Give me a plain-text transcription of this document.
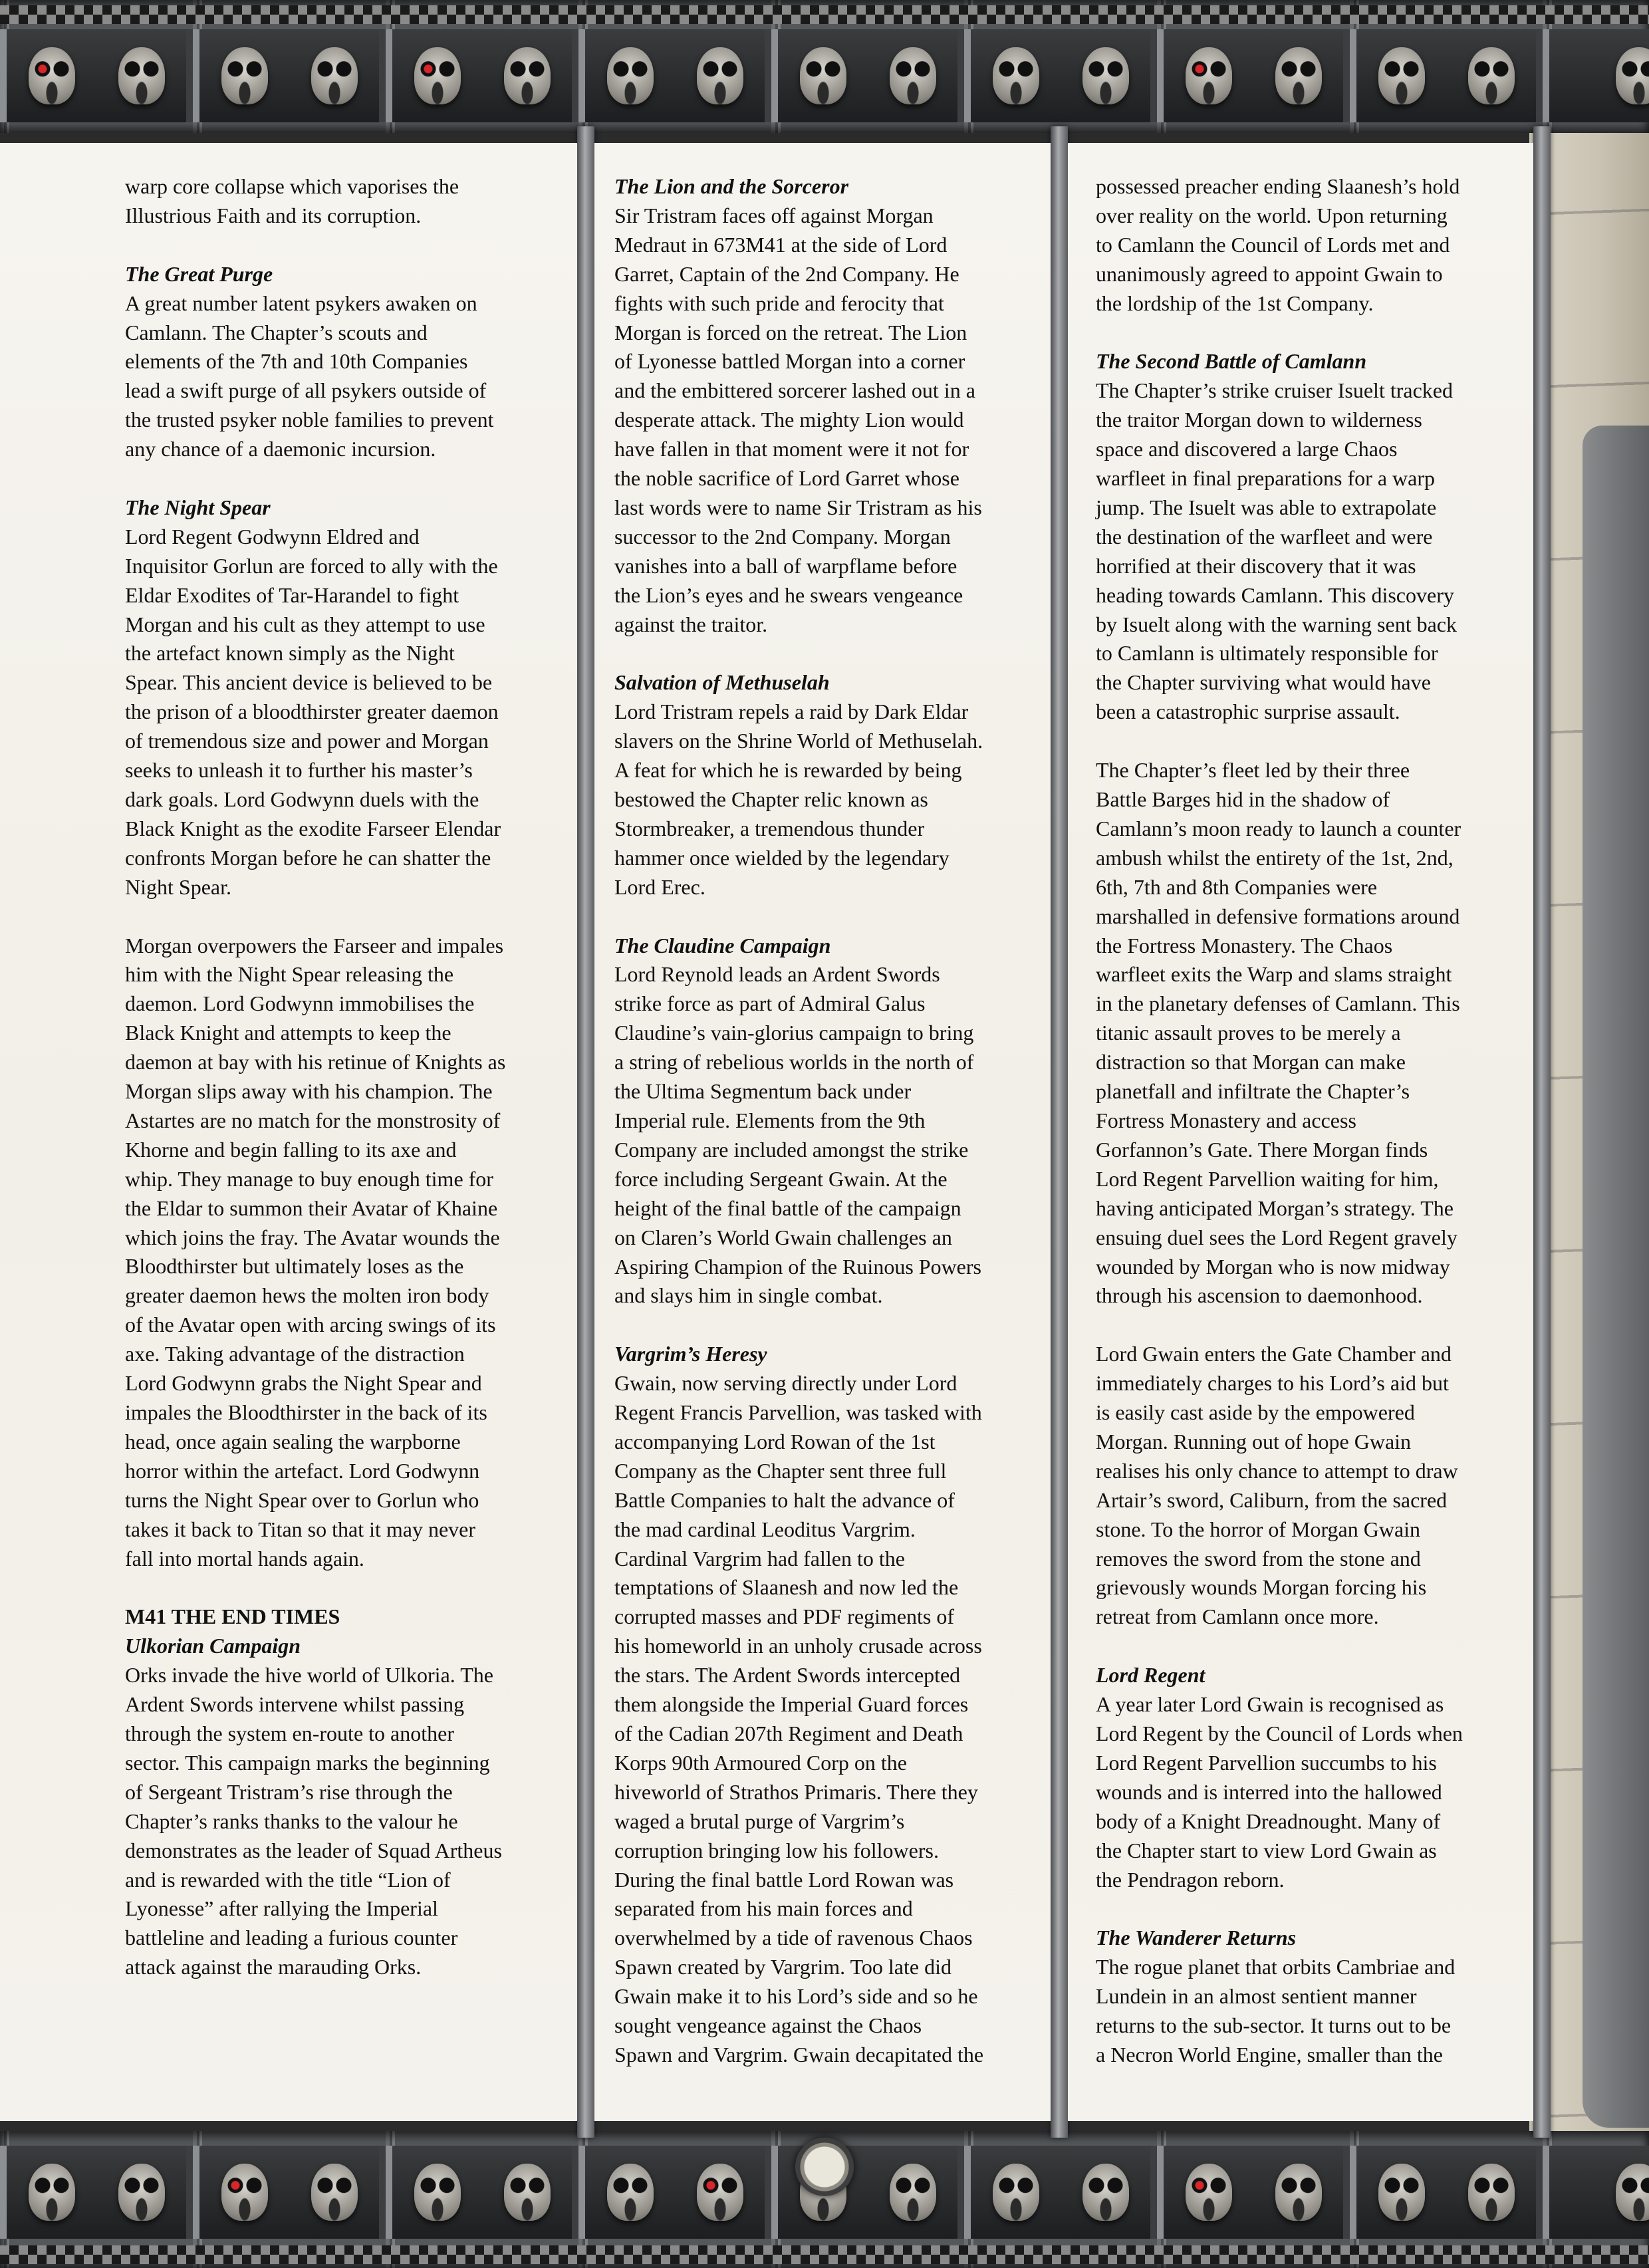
warp core collapse which vaporises the
Illustrious Faith and its corruption.

The Great Purge

A great number latent psykers awaken on
Camlann. The Chapter’s scouts and
elements of the 7th and 10th Companies
lead a swift purge of all psykers outside of
the trusted psyker noble families to prevent
any chance of a daemonic incursion.

The Night Spear

Lord Regent Godwynn Eldred and
Inquisitor Gorlun are forced to ally with the
Eldar Exodites of Tar-Harandel to fight
Morgan and his cult as they attempt to use
the artefact known simply as the Night
Spear. This ancient device is believed to be
the prison of a bloodthirster greater daemon
of tremendous size and power and Morgan
seeks to unleash it to further his master’s
dark goals. Lord Godwynn duels with the
Black Knight as the exodite Farseer Elendar
confronts Morgan before he can shatter the
Night Spear.

Morgan overpowers the Farseer and impales
him with the Night Spear releasing the
daemon. Lord Godwynn immobilises the
Black Knight and attempts to keep the
daemon at bay with his retinue of Knights as
Morgan slips away with his champion. The
Astartes are no match for the monstrosity of
Khorne and begin falling to its axe and
whip. They manage to buy enough time for
the Eldar to summon their Avatar of Khaine
which joins the fray. The Avatar wounds the
Bloodthirster but ultimately loses as the
greater daemon hews the molten iron body
of the Avatar open with arcing swings of its
axe. Taking advantage of the distraction
Lord Godwynn grabs the Night Spear and
impales the Bloodthirster in the back of its
head, once again sealing the warpborne
horror within the artefact. Lord Godwynn
turns the Night Spear over to Gorlun who
takes it back to Titan so that it may never
fall into mortal hands again.

M41 THE END TIMES

Ulkorian Campaign

Orks invade the hive world of Ulkoria. The
Ardent Swords intervene whilst passing
through the system en-route to another
sector. This campaign marks the beginning
of Sergeant Tristram’s rise through the
Chapter’s ranks thanks to the valour he
demonstrates as the leader of Squad Artheus
and is rewarded with the title “Lion of
Lyonesse” after rallying the Imperial
battleline and leading a furious counter
attack against the marauding Orks.

The Lion and the Sorceror

Sir Tristram faces off against Morgan
Medraut in 673M41 at the side of Lord
Garret, Captain of the 2nd Company. He
fights with such pride and ferocity that
Morgan is forced on the retreat. The Lion
of Lyonesse battled Morgan into a corner
and the embittered sorcerer lashed out in a
desperate attack. The mighty Lion would
have fallen in that moment were it not for
the noble sacrifice of Lord Garret whose
last words were to name Sir Tristram as his
successor to the 2nd Company. Morgan
vanishes into a ball of warpflame before
the Lion’s eyes and he swears vengeance
against the traitor.

Salvation of Methuselah

Lord Tristram repels a raid by Dark Eldar
slavers on the Shrine World of Methuselah.
A feat for which he is rewarded by being
bestowed the Chapter relic known as
Stormbreaker, a tremendous thunder
hammer once wielded by the legendary
Lord Erec.

The Claudine Campaign

Lord Reynold leads an Ardent Swords
strike force as part of Admiral Galus
Claudine’s vain-glorius campaign to bring
a string of rebelious worlds in the north of
the Ultima Segmentum back under
Imperial rule. Elements from the 9th
Company are included amongst the strike
force including Sergeant Gwain. At the
height of the final battle of the campaign
on Claren’s World Gwain challenges an
Aspiring Champion of the Ruinous Powers
and slays him in single combat.

Vargrim’s Heresy

Gwain, now serving directly under Lord
Regent Francis Parvellion, was tasked with
accompanying Lord Rowan of the 1st
Company as the Chapter sent three full
Battle Companies to halt the advance of
the mad cardinal Leoditus Vargrim.
Cardinal Vargrim had fallen to the
temptations of Slaanesh and now led the
corrupted masses and PDF regiments of
his homeworld in an unholy crusade across
the stars. The Ardent Swords intercepted
them alongside the Imperial Guard forces
of the Cadian 207th Regiment and Death
Korps 90th Armoured Corp on the
hiveworld of Strathos Primaris. There they
waged a brutal purge of Vargrim’s
corruption bringing low his followers.
During the final battle Lord Rowan was
separated from his main forces and
overwhelmed by a tide of ravenous Chaos
Spawn created by Vargrim. Too late did
Gwain make it to his Lord’s side and so he
sought vengeance against the Chaos
Spawn and Vargrim. Gwain decapitated the

possessed preacher ending Slaanesh’s hold
over reality on the world. Upon returning
to Camlann the Council of Lords met and
unanimously agreed to appoint Gwain to
the lordship of the 1st Company.

The Second Battle of Camlann

The Chapter’s strike cruiser Isuelt tracked
the traitor Morgan down to wilderness
space and discovered a large Chaos
warfleet in final preparations for a warp
jump. The Isuelt was able to extrapolate
the destination of the warfleet and were
horrified at their discovery that it was
heading towards Camlann. This discovery
by Isuelt along with the warning sent back
to Camlann is ultimately responsible for
the Chapter surviving what would have
been a catastrophic surprise assault.

The Chapter’s fleet led by their three
Battle Barges hid in the shadow of
Camlann’s moon ready to launch a counter
ambush whilst the entirety of the 1st, 2nd,
6th, 7th and 8th Companies were
marshalled in defensive formations around
the Fortress Monastery. The Chaos
warfleet exits the Warp and slams straight
in the planetary defenses of Camlann. This
titanic assault proves to be merely a
distraction so that Morgan can make
planetfall and infiltrate the Chapter’s
Fortress Monastery and access
Gorfannon’s Gate. There Morgan finds
Lord Regent Parvellion waiting for him,
having anticipated Morgan’s strategy. The
ensuing duel sees the Lord Regent gravely
wounded by Morgan who is now midway
through his ascension to daemonhood.

Lord Gwain enters the Gate Chamber and
immediately charges to his Lord’s aid but
is easily cast aside by the empowered
Morgan. Running out of hope Gwain
realises his only chance to attempt to draw
Artair’s sword, Caliburn, from the sacred
stone. To the horror of Morgan Gwain
removes the sword from the stone and
grievously wounds Morgan forcing his
retreat from Camlann once more.

Lord Regent

A year later Lord Gwain is recognised as
Lord Regent by the Council of Lords when
Lord Regent Parvellion succumbs to his
wounds and is interred into the hallowed
body of a Knight Dreadnought. Many of
the Chapter start to view Lord Gwain as
the Pendragon reborn.

The Wanderer Returns

The rogue planet that orbits Cambriae and
Lundein in an almost sentient manner
returns to the sub-sector. It turns out to be
a Necron World Engine, smaller than the
